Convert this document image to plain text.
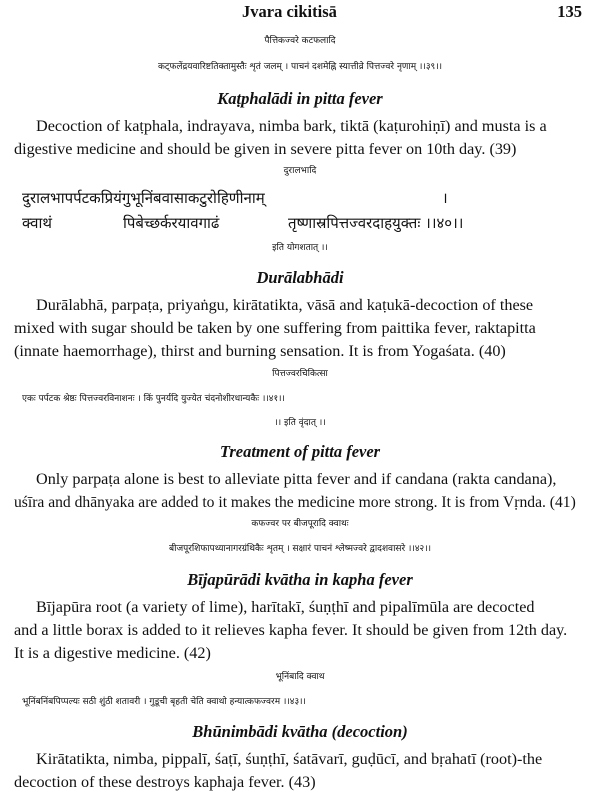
Jvara cikitisā	135
पैत्तिकज्वरे कटफलादि
कट्फलेंद्रयवारिष्टतिक्तामुस्तैः शृतं जलम् । पाचनं दशमेह्नि स्यात्तीव्रे पित्तज्वरे नृणाम् ।।३९।।
Kaṭphalādi in pitta fever
Decoction of kaṭphala, indrayava, nimba bark, tiktā (kaṭurohiṇī) and musta is a
digestive medicine and should be given in severe pitta fever on 10th day. (39)
दुरालभादि
दुरालभापर्पटकप्रियंगुभूनिंबवासाकटुरोहिणीनाम्	।
क्वाथं	पिबेच्छर्करयावगाढं	तृष्णास्रपित्तज्वरदाहयुक्तः ।।४०।।
इति योगशतात् ।।
Durālabhādi
Durālabhā, parpaṭa, priyaṅgu, kirātatikta, vāsā and kaṭukā-decoction of these
mixed with sugar should be taken by one suffering from paittika fever, raktapitta
(innate haemorrhage), thirst and burning sensation. It is from Yogaśata. (40)
पित्तज्वरचिकित्सा
एकः पर्पटक श्रेष्ठः पित्तज्वरविनाशनः । किं पुनर्यदि युज्येत चंदनोशीरधान्यकैः ।।४१।।
।। इति वृंदात् ।।
Treatment of pitta fever
Only parpaṭa alone is best to alleviate pitta fever and if candana (rakta candana),
uśīra and dhānyaka are added to it makes the medicine more strong. It is from Vṛnda. (41)
कफज्वर पर बीजपूरादि क्वाथः
बीजपूरशिफापथ्यानागरग्रंथिकैः शृतम् । सक्षारं पाचनं श्लेष्मज्वरे द्वादशवासरे ।।४२।।
Bījapūrādi kvātha in kapha fever
Bījapūra root (a variety of lime), harītakī, śuṇṭhī and pipalīmūla are decocted
and a little borax is added to it relieves kapha fever. It should be given from 12th day.
It is a digestive medicine. (42)
भूनिंबादि क्वाथ
भूनिंबनिंबपिप्पल्यः सठी शुंठी शतावरी । गुडूची बृहती चेति क्वाथो हन्यात्कफज्वरम ।।४३।।
Bhūnimbādi kvātha (decoction)
Kirātatikta, nimba, pippalī, śaṭī, śuṇṭhī, śatāvarī, guḍūcī, and bṛahatī (root)-the
decoction of these destroys kaphaja fever. (43)
